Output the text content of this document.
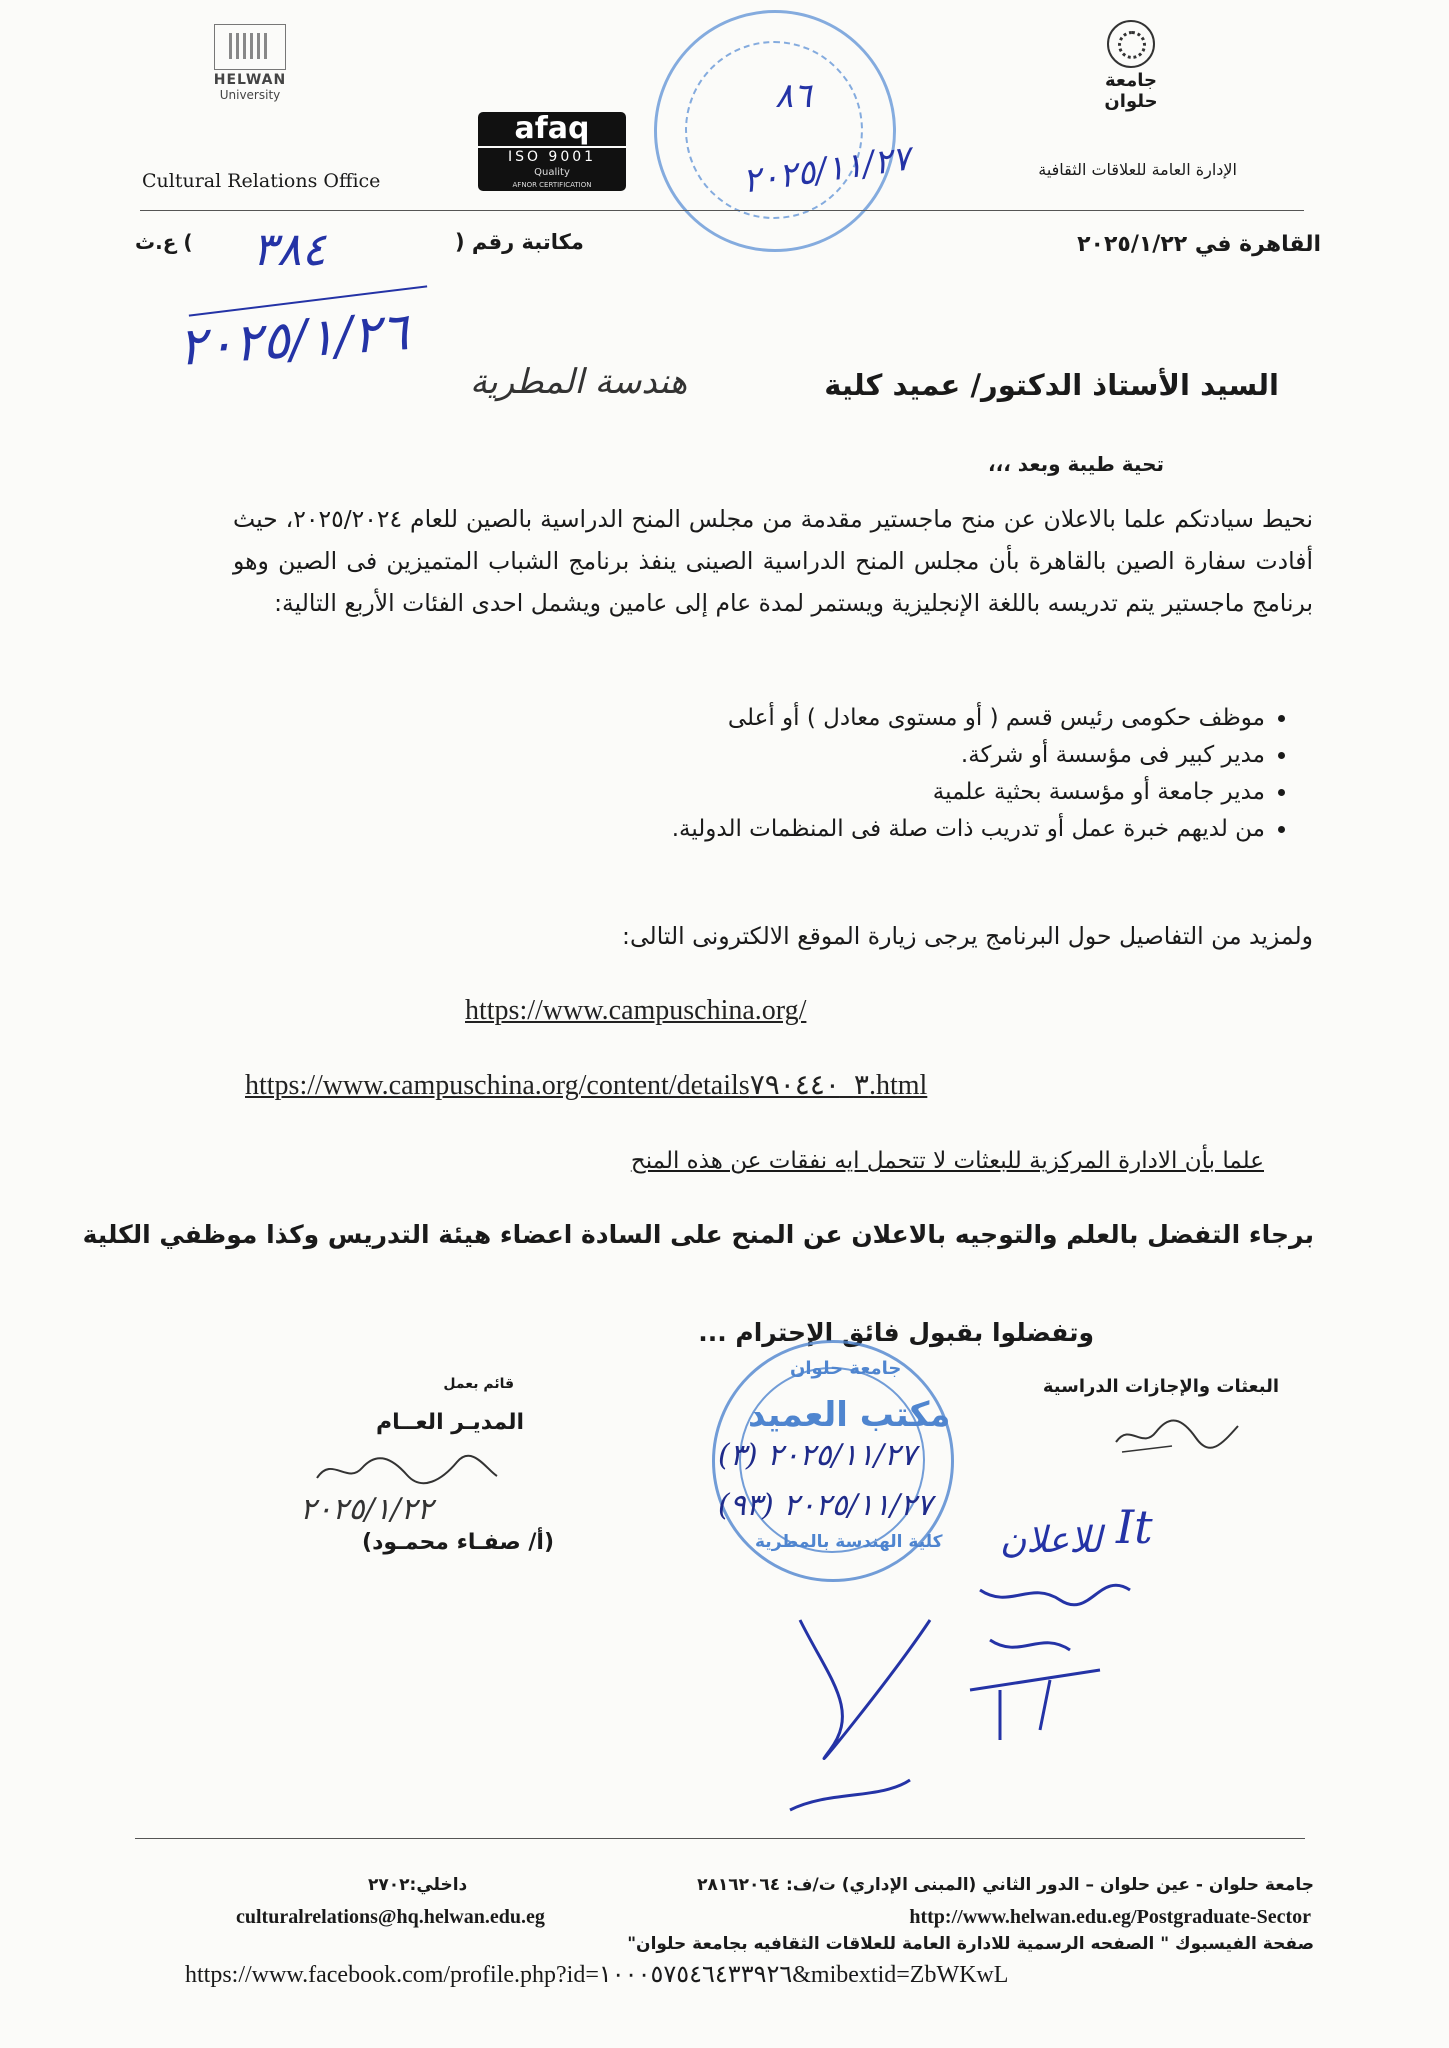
HELWAN
University
Cultural Relations Office
afaq
ISO 9001
Quality
AFNOR CERTIFICATION
جامعة حلوان
الإدارة العامة للعلاقات الثقافية
٨٦
٢٠٢٥/١١/٢٧
القاهرة في ٢٠٢٥/١/٢٢
مكاتبة رقم (
٣٨٤
) ع.ث
٢٠٢٥/١/٢٦
السيد الأستاذ الدكتور/ عميد كلية
هندسة المطرية
تحية طيبة وبعد ،،،
نحيط سيادتكم علما بالاعلان عن منح ماجستير مقدمة من مجلس المنح الدراسية بالصين للعام ٢٠٢٥/٢٠٢٤، حيث أفادت سفارة الصين بالقاهرة بأن مجلس المنح الدراسية الصينى ينفذ برنامج الشباب المتميزين فى الصين وهو برنامج ماجستير يتم تدريسه باللغة الإنجليزية ويستمر لمدة عام إلى عامين ويشمل احدى الفئات الأربع التالية:
• موظف حكومى رئيس قسم ( أو مستوى معادل ) أو أعلى
• مدير كبير فى مؤسسة أو شركة.
• مدير جامعة أو مؤسسة بحثية علمية
• من لديهم خبرة عمل أو تدريب ذات صلة فى المنظمات الدولية.
ولمزيد من التفاصيل حول البرنامج يرجى زيارة الموقع الالكترونى التالى:
https://www.campuschina.org/
https://www.campuschina.org/content/details٣_٧٩٠٤٤٠.html
علما بأن الادارة المركزية للبعثات لا تتحمل ايه نفقات عن هذه المنح
برجاء التفضل بالعلم والتوجيه بالاعلان عن المنح على السادة اعضاء هيئة التدريس وكذا موظفي الكلية
وتفضلوا بقبول فائق الإحترام ...
قائم بعمل
المديـر العــام
٢٠٢٥/١/٢٢
(أ/ صفـاء محمـود)
البعثات والإجازات الدراسية
جامعة حلوان
مكتب العميد
٢٠٢٥/١١/٢٧ (٣)
٢٠٢٥/١١/٢٧ (٩٣)
كلية الهندسة بالمطرية للاعلان It
جامعة حلوان - عين حلوان – الدور الثاني (المبنى الإداري) ت/ف: ٢٨١٦٢٠٦٤
داخلي:٢٧٠٢
culturalrelations@hq.helwan.edu.eg	http://www.helwan.edu.eg/Postgraduate-Sector
صفحة الفيسبوك " الصفحه الرسمية للادارة العامة للعلاقات الثقافيه بجامعة حلوان"
https://www.facebook.com/profile.php?id=١٠٠٠٥٧٥٤٦٤٣٣٩٢٦&mibextid=ZbWKwL
